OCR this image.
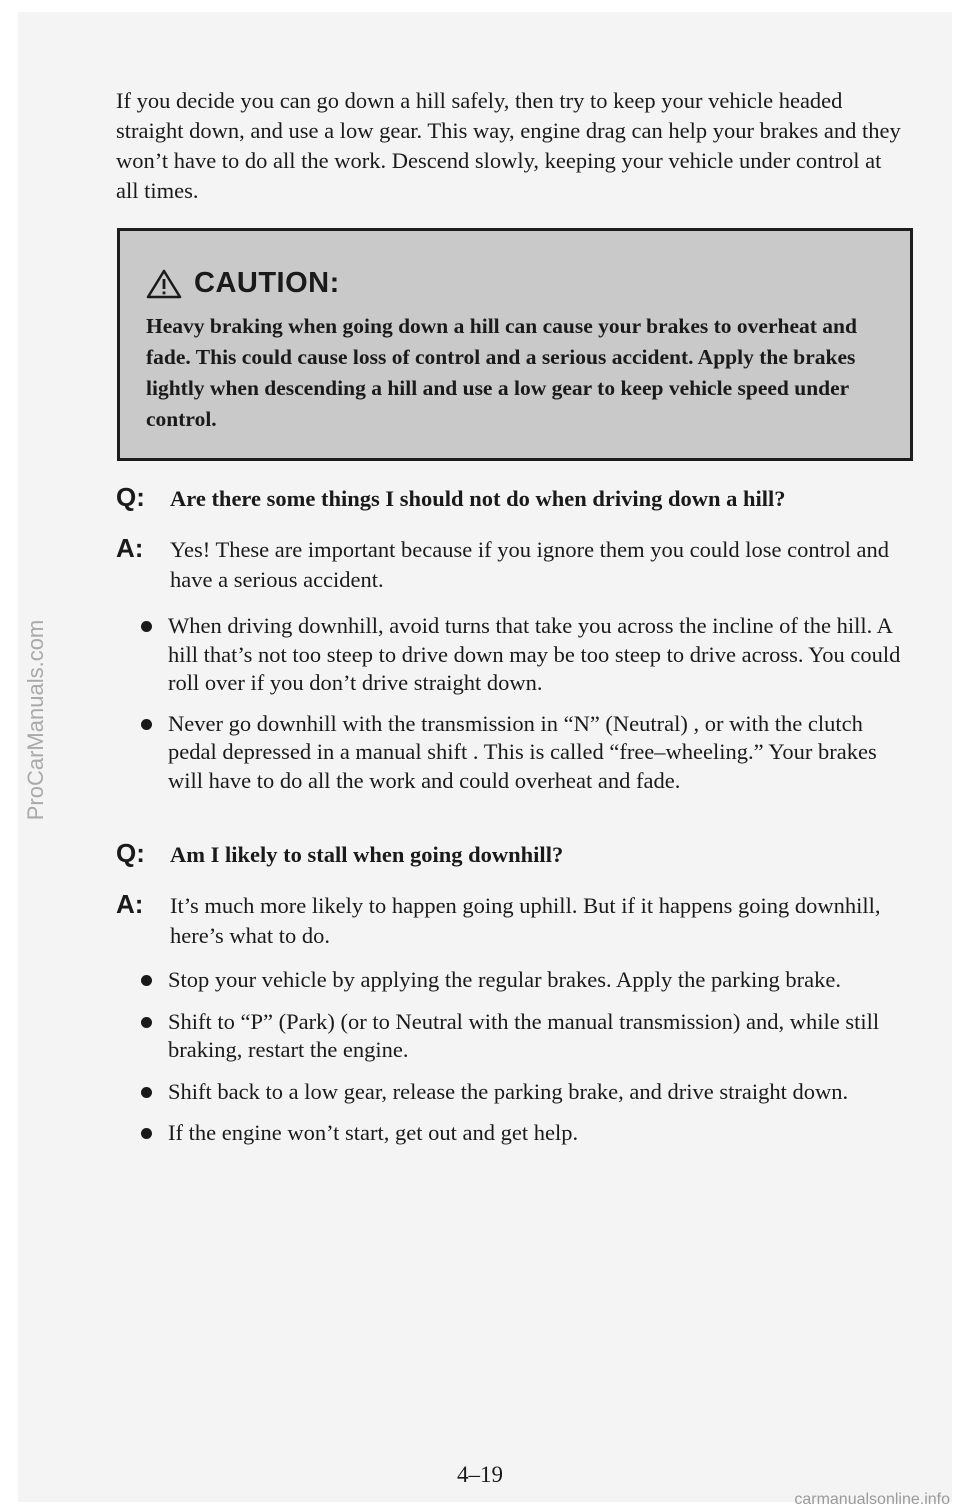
ProCarManuals.com

If you decide you can go down a hill safely, then try to keep your vehicle headed straight down, and use a low gear. This way, engine drag can help your brakes and they won’t have to do all the work. Descend slowly, keeping your vehicle under control at all times.

CAUTION:

Heavy braking when going down a hill can cause your brakes to overheat and fade. This could cause loss of control and a serious accident. Apply the brakes lightly when descending a hill and use a low gear to keep vehicle speed under control.

Q:	Are there some things I should not do when driving down a hill?
A:	Yes! These are important because if you ignore them you could lose control and have a serious accident.
When driving downhill, avoid turns that take you across the incline of the hill. A hill that’s not too steep to drive down may be too steep to drive across. You could roll over if you don’t drive straight down.
Never go downhill with the transmission in “N” (Neutral) , or with the clutch pedal depressed in a manual shift . This is called “free–wheeling.” Your brakes will have to do all the work and could overheat and fade.
Q:	Am I likely to stall when going downhill?
A:	It’s much more likely to happen going uphill. But if it happens going downhill, here’s what to do.
Stop your vehicle by applying the regular brakes. Apply the parking brake.
Shift to “P” (Park) (or to Neutral with the manual transmission) and, while still braking, restart the engine.
Shift back to a low gear, release the parking brake, and drive straight down.
If the engine won’t start, get out and get help.
4–19
carmanualsonline.info
